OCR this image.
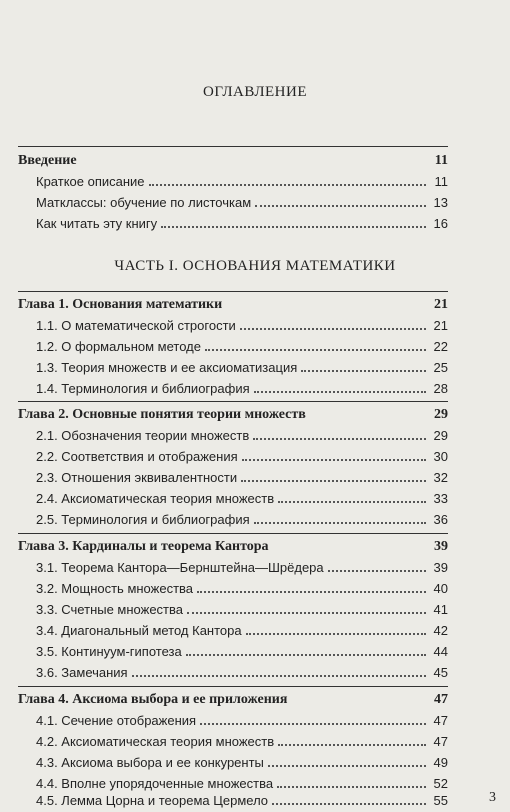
ОГЛАВЛЕНИЕ
Введение	11
Краткое описание	11
Матклассы: обучение по листочкам	13
Как читать эту книгу	16
ЧАСТЬ I. ОСНОВАНИЯ МАТЕМАТИКИ
Глава 1. Основания математики	21
1.1. О математической строгости	21
1.2. О формальном методе	22
1.3. Теория множеств и ее аксиоматизация	25
1.4. Терминология и библиография	28
Глава 2. Основные понятия теории множеств	29
2.1. Обозначения теории множеств	29
2.2. Соответствия и отображения	30
2.3. Отношения эквивалентности	32
2.4. Аксиоматическая теория множеств	33
2.5. Терминология и библиография	36
Глава 3. Кардиналы и теорема Кантора	39
3.1. Теорема Кантора—Бернштейна—Шрёдера	39
3.2. Мощность множества	40
3.3. Счетные множества	41
3.4. Диагональный метод Кантора	42
3.5. Континуум-гипотеза	44
3.6. Замечания	45
Глава 4. Аксиома выбора и ее приложения	47
4.1. Сечение отображения	47
4.2. Аксиоматическая теория множеств	47
4.3. Аксиома выбора и ее конкуренты	49
4.4. Вполне упорядоченные множества	52
4.5. Лемма Цорна и теорема Цермело	55	3
